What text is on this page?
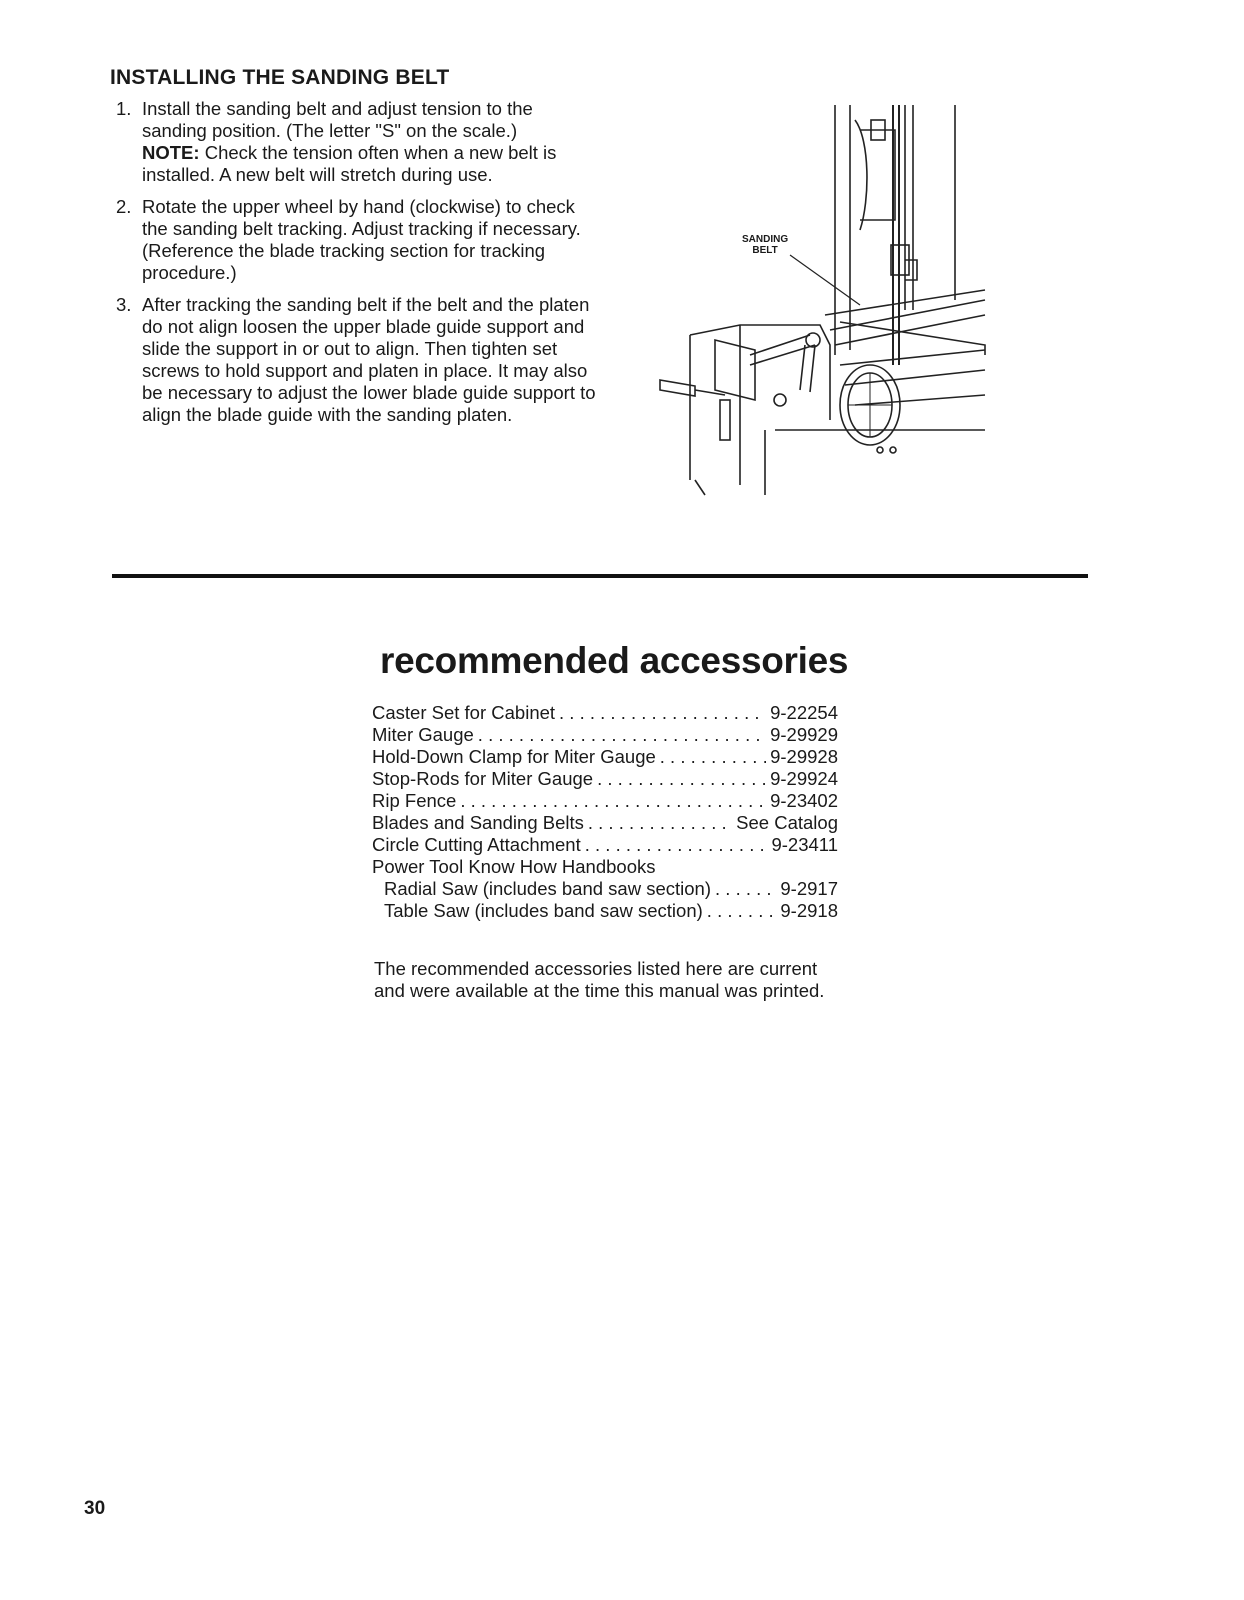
INSTALLING THE SANDING BELT
1. Install the sanding belt and adjust tension to the sanding position. (The letter "S" on the scale.)
NOTE: Check the tension often when a new belt is installed. A new belt will stretch during use.
2. Rotate the upper wheel by hand (clockwise) to check the sanding belt tracking. Adjust tracking if necessary. (Reference the blade tracking section for tracking procedure.)
3. After tracking the sanding belt if the belt and the platen do not align loosen the upper blade guide support and slide the support in or out to align. Then tighten set screws to hold support and platen in place. It may also be necessary to adjust the lower blade guide support to align the blade guide with the sanding platen.
SANDING
BELT
recommended accessories
Caster Set for Cabinet . . .	9-22254
Miter Gauge . . .	9-29929
Hold-Down Clamp for Miter Gauge . . .	9-29928
Stop-Rods for Miter Gauge . . .	9-29924
Rip Fence . . .	9-23402
Blades and Sanding Belts . . .	See Catalog
Circle Cutting Attachment . . .	9-23411
Power Tool Know How Handbooks
Radial Saw (includes band saw section) . . .	9-2917
Table Saw (includes band saw section) . . .	9-2918

The recommended accessories listed here are current and were available at the time this manual was printed.

30
